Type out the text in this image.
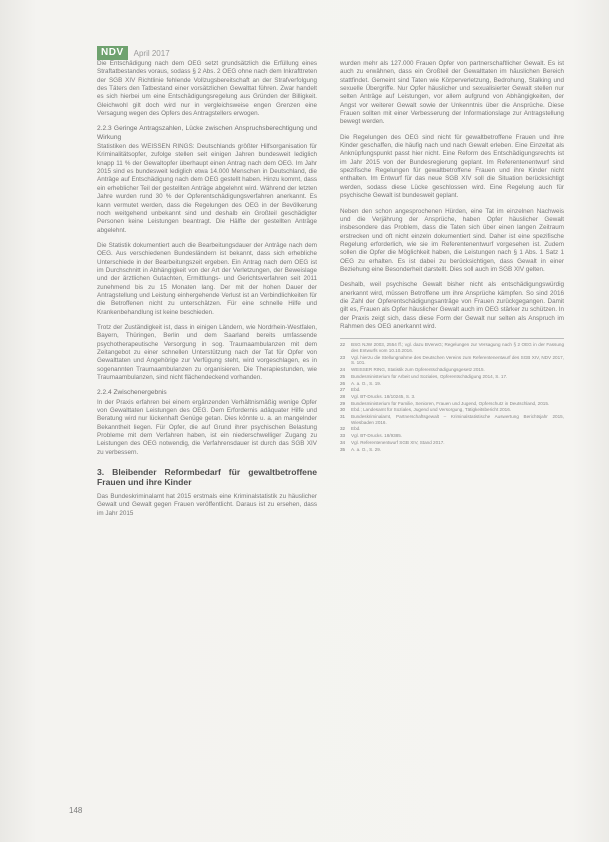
NDV	April 2017

Die Entschädigung nach dem OEG setzt grundsätzlich die Erfüllung eines Straftatbestandes voraus, sodass § 2 Abs. 2 OEG ohne nach dem Inkrafttreten der SGB XIV Richtlinie fehlende Vollzugsbereitschaft an der Strafverfolgung des Täters den Tatbestand einer vorsätzlichen Gewalttat führen. Zwar handelt es sich hierbei um eine Entschädigungsregelung aus Gründen der Billigkeit. Gleichwohl gilt doch wird nur in vergleichsweise engen Grenzen eine Versagung wegen des Opfers des Antragstellers erwogen.

2.2.3 Geringe Antragszahlen, Lücke zwischen Anspruchsberechtigung und Wirkung

Statistiken des WEISSEN RINGS: Deutschlands größter Hilfsorganisation für Kriminalitätsopfer, zufolge stellen seit einigen Jahren bundesweit lediglich knapp 11 % der Gewaltopfer überhaupt einen Antrag nach dem OEG. Im Jahr 2015 sind es bundesweit lediglich etwa 14.000 Menschen in Deutschland, die Anträge auf Entschädigung nach dem OEG gestellt haben. Hinzu kommt, dass ein erheblicher Teil der gestellten Anträge abgelehnt wird. Während der letzten Jahre wurden rund 30 % der Opferentschädigungsverfahren anerkannt. Es kann vermutet werden, dass die Regelungen des OEG in der Bevölkerung noch weitgehend unbekannt sind und deshalb ein Großteil geschädigter Personen keine Leistungen beantragt. Die Hälfte der gestellten Anträge abgelehnt.

Die Statistik dokumentiert auch die Bearbeitungsdauer der Anträge nach dem OEG. Aus verschiedenen Bundesländern ist bekannt, dass sich erhebliche Unterschiede in der Bearbeitungszeit ergeben. Ein Antrag nach dem OEG ist im Durchschnitt in Abhängigkeit von der Art der Verletzungen, der Beweislage und der ärztlichen Gutachten, Ermittlungs- und Gerichtsverfahren seit 2011 zunehmend bis zu 15 Monaten lang. Der mit der hohen Dauer der Antragstellung und Leistung einhergehende Verlust ist an Verbindlichkeiten für die Betroffenen nicht zu unterschätzen. Für eine schnelle Hilfe und Krankenbehandlung ist keine beschieden.

Trotz der Zuständigkeit ist, dass in einigen Ländern, wie Nordrhein-Westfalen, Bayern, Thüringen, Berlin und dem Saarland bereits umfassende psychotherapeutische Versorgung in sog. Traumaambulanzen mit dem Zeitangebot zu einer schnellen Unterstützung nach der Tat für Opfer von Gewalttaten und Angehörige zur Verfügung steht, wird vorgeschlagen, es in sogenannten Traumaambulanzen zu organisieren. Die Therapiestunden, wie Traumaambulanzen, sind nicht flächendeckend vorhanden.

2.2.4 Zwischenergebnis

In der Praxis erfahren bei einem ergänzenden Verhältnismäßig wenige Opfer von Gewalttaten Leistungen des OEG. Dem Erfordernis adäquater Hilfe und Beratung wird nur lückenhaft Genüge getan. Dies könnte u. a. an mangelnder Bekanntheit liegen. Für Opfer, die auf Grund ihrer psychischen Belastung Probleme mit dem Verfahren haben, ist ein niederschwelliger Zugang zu Leistungen des OEG notwendig, die Verfahrensdauer ist durch das SGB XIV zu verbessern.

3. Bleibender Reformbedarf für gewaltbetroffene Frauen und ihre Kinder

Das Bundeskriminalamt hat 2015 erstmals eine Kriminalstatistik zu häuslicher Gewalt und Gewalt gegen Frauen veröffentlicht. Daraus ist zu ersehen, dass im Jahr 2015

wurden mehr als 127.000 Frauen Opfer von partnerschaftlicher Gewalt. Es ist auch zu erwähnen, dass ein Großteil der Gewalttaten im häuslichen Bereich stattfindet. Gemeint sind Taten wie Körperverletzung, Bedrohung, Stalking und sexuelle Übergriffe. Nur Opfer häuslicher und sexualisierter Gewalt stellen nur selten Anträge auf Leistungen, vor allem aufgrund von Abhängigkeiten, der Angst vor weiterer Gewalt sowie der Unkenntnis über die Ansprüche. Diese Frauen sollten mit einer Verbesserung der Informationslage zur Antragstellung bewegt werden.

Die Regelungen des OEG sind nicht für gewaltbetroffene Frauen und ihre Kinder geschaffen, die häufig nach und nach Gewalt erleben. Eine Einzeltat als Anknüpfungspunkt passt hier nicht. Eine Reform des Entschädigungsrechts ist im Jahr 2015 von der Bundesregierung geplant. Im Referentenentwurf sind spezifische Regelungen für gewaltbetroffene Frauen und ihre Kinder nicht enthalten. Im Entwurf für das neue SGB XIV soll die Situation berücksichtigt werden, sodass diese Lücke geschlossen wird. Eine Regelung auch für psychische Gewalt ist bundesweit geplant.

Neben den schon angesprochenen Hürden, eine Tat im einzelnen Nachweis und die Verjährung der Ansprüche, haben Opfer häuslicher Gewalt insbesondere das Problem, dass die Taten sich über einen langen Zeitraum erstrecken und oft nicht einzeln dokumentiert sind. Daher ist eine spezifische Regelung erforderlich, wie sie im Referentenentwurf vorgesehen ist. Zudem sollen die Opfer die Möglichkeit haben, die Leistungen nach § 1 Abs. 1 Satz 1 OEG zu erhalten. Es ist dabei zu berücksichtigen, dass Gewalt in einer Beziehung eine Besonderheit darstellt. Dies soll auch im SGB XIV gelten.

Deshalb, weil psychische Gewalt bisher nicht als entschädigungswürdig anerkannt wird, müssen Betroffene um ihre Ansprüche kämpfen. So sind 2016 die Zahl der Opferentschädigungsanträge von Frauen zurückgegangen. Damit gilt es, Frauen als Opfer häuslicher Gewalt auch im OEG stärker zu schützen. In der Praxis zeigt sich, dass diese Form der Gewalt nur selten als Anspruch im Rahmen des OEG anerkannt wird.

22	BSG NJW 2003, 2554 ff.; vgl. dazu BVerwG; Regelungen zur Versagung nach § 2 OEG in der Fassung des Entwurfs vom 10.10.2016.
23	Vgl. hierzu die Stellungnahme des Deutschen Vereins zum Referentenentwurf des SGB XIV, NDV 2017, S. 101.
24	WEISSER RING, Statistik zum Opferentschädigungsgesetz 2015.
25	Bundesministerium für Arbeit und Soziales, Opferentschädigung 2014, S. 17.
26	A. a. O., S. 19.
27	Ebd.
28	Vgl. BT-Drucks. 18/10245, S. 3.
29	Bundesministerium für Familie, Senioren, Frauen und Jugend, Opferschutz in Deutschland, 2015.
30	Ebd.; Landesamt für Soziales, Jugend und Versorgung, Tätigkeitsbericht 2016.
31	Bundeskriminalamt, Partnerschaftsgewalt – Kriminalstatistische Auswertung Berichtsjahr 2015, Wiesbaden 2016.
32	Ebd.
33	Vgl. BT-Drucks. 18/9385.
34	Vgl. Referentenentwurf SGB XIV, Stand 2017.
35	A. a. O., S. 29.
148
